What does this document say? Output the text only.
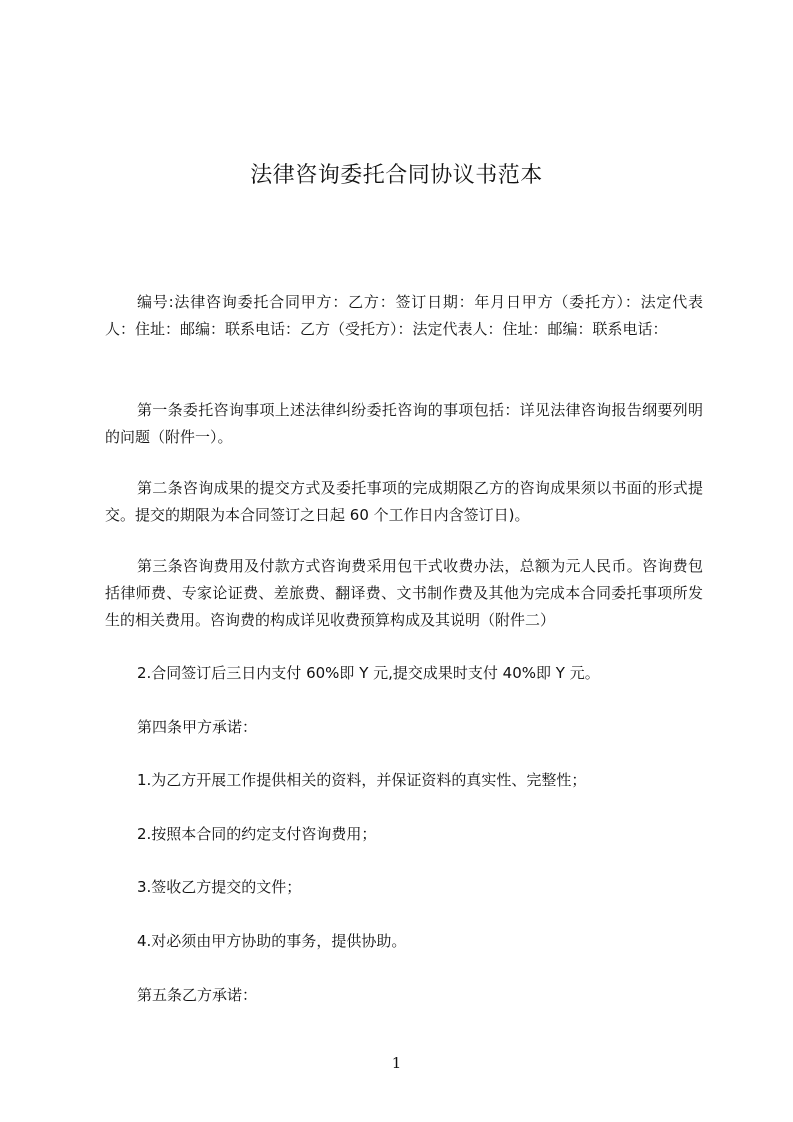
法律咨询委托合同协议书范本

编号:法律咨询委托合同甲方：乙方：签订日期：年月日甲方（委托方）：法定代表人：住址：邮编：联系电话：乙方（受托方）：法定代表人：住址：邮编：联系电话：

第一条委托咨询事项上述法律纠纷委托咨询的事项包括：详见法律咨询报告纲要列明的问题（附件一）。

第二条咨询成果的提交方式及委托事项的完成期限乙方的咨询成果须以书面的形式提交。提交的期限为本合同签订之日起 60 个工作日内含签订日)。

第三条咨询费用及付款方式咨询费采用包干式收费办法，总额为元人民币。咨询费包括律师费、专家论证费、差旅费、翻译费、文书制作费及其他为完成本合同委托事项所发生的相关费用。咨询费的构成详见收费预算构成及其说明（附件二）

2.合同签订后三日内支付 60%即 Y 元,提交成果时支付 40%即 Y 元。

第四条甲方承诺：

1.为乙方开展工作提供相关的资料，并保证资料的真实性、完整性；

2.按照本合同的约定支付咨询费用；

3.签收乙方提交的文件；

4.对必须由甲方协助的事务，提供协助。

第五条乙方承诺：

1
